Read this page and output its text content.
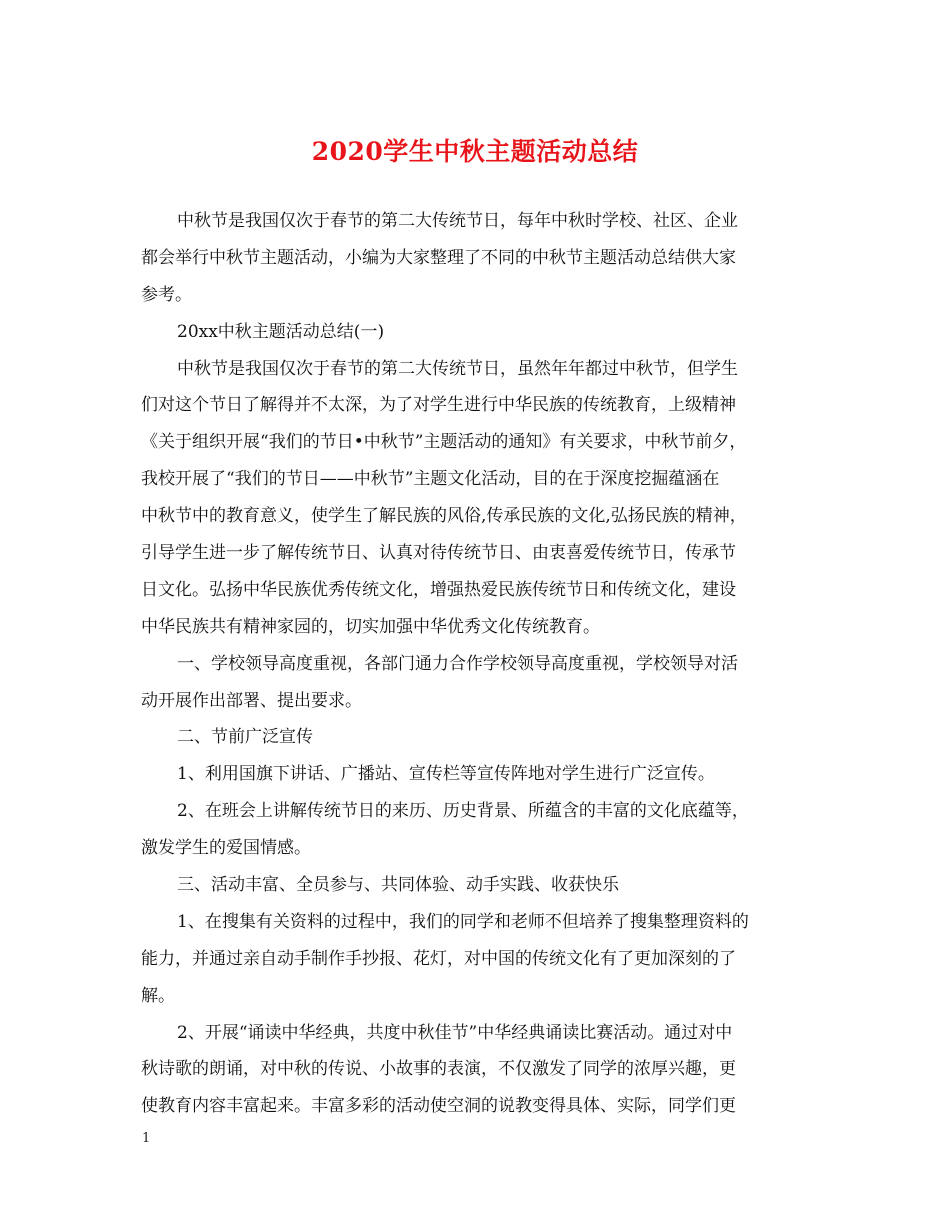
2020学生中秋主题活动总结
中秋节是我国仅次于春节的第二大传统节日，每年中秋时学校、社区、企业
都会举行中秋节主题活动，小编为大家整理了不同的中秋节主题活动总结供大家
参考。
20xx中秋主题活动总结(一)
中秋节是我国仅次于春节的第二大传统节日，虽然年年都过中秋节，但学生
们对这个节日了解得并不太深，为了对学生进行中华民族的传统教育，上级精神
《关于组织开展“我们的节日•中秋节”主题活动的通知》有关要求，中秋节前夕，
我校开展了“我们的节日——中秋节”主题文化活动，目的在于深度挖掘蕴涵在
中秋节中的教育意义，使学生了解民族的风俗,传承民族的文化,弘扬民族的精神，
引导学生进一步了解传统节日、认真对待传统节日、由衷喜爱传统节日，传承节
日文化。弘扬中华民族优秀传统文化，增强热爱民族传统节日和传统文化，建设
中华民族共有精神家园的，切实加强中华优秀文化传统教育。
一、学校领导高度重视，各部门通力合作学校领导高度重视，学校领导对活
动开展作出部署、提出要求。
二、节前广泛宣传
1、利用国旗下讲话、广播站、宣传栏等宣传阵地对学生进行广泛宣传。
2、在班会上讲解传统节日的来历、历史背景、所蕴含的丰富的文化底蕴等，
激发学生的爱国情感。
三、活动丰富、全员参与、共同体验、动手实践、收获快乐
1、在搜集有关资料的过程中，我们的同学和老师不但培养了搜集整理资料的
能力，并通过亲自动手制作手抄报、花灯，对中国的传统文化有了更加深刻的了
解。
2、开展“诵读中华经典，共度中秋佳节”中华经典诵读比赛活动。通过对中
秋诗歌的朗诵，对中秋的传说、小故事的表演，不仅激发了同学的浓厚兴趣，更
使教育内容丰富起来。丰富多彩的活动使空洞的说教变得具体、实际，同学们更
1
